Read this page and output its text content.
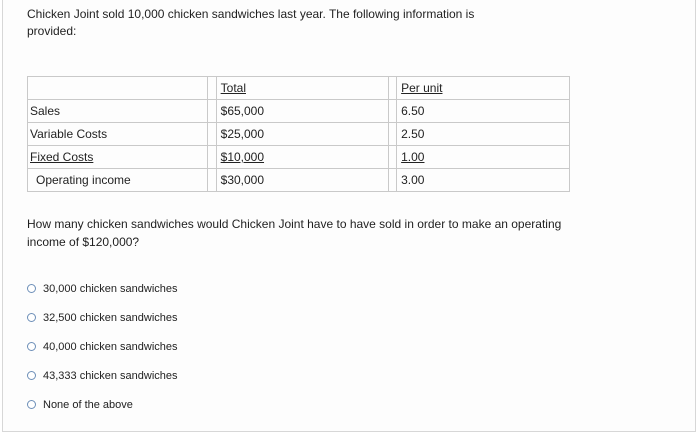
Chicken Joint sold 10,000 chicken sandwiches last year. The following information is provided:
		Total		Per unit
Sales		$65,000		6.50
Variable Costs		$25,000		2.50
Fixed Costs		$10,000		1.00
Operating income		$30,000		3.00
How many chicken sandwiches would Chicken Joint have to have sold in order to make an operating income of $120,000?
30,000 chicken sandwiches
32,500 chicken sandwiches
40,000 chicken sandwiches
43,333 chicken sandwiches
None of the above
